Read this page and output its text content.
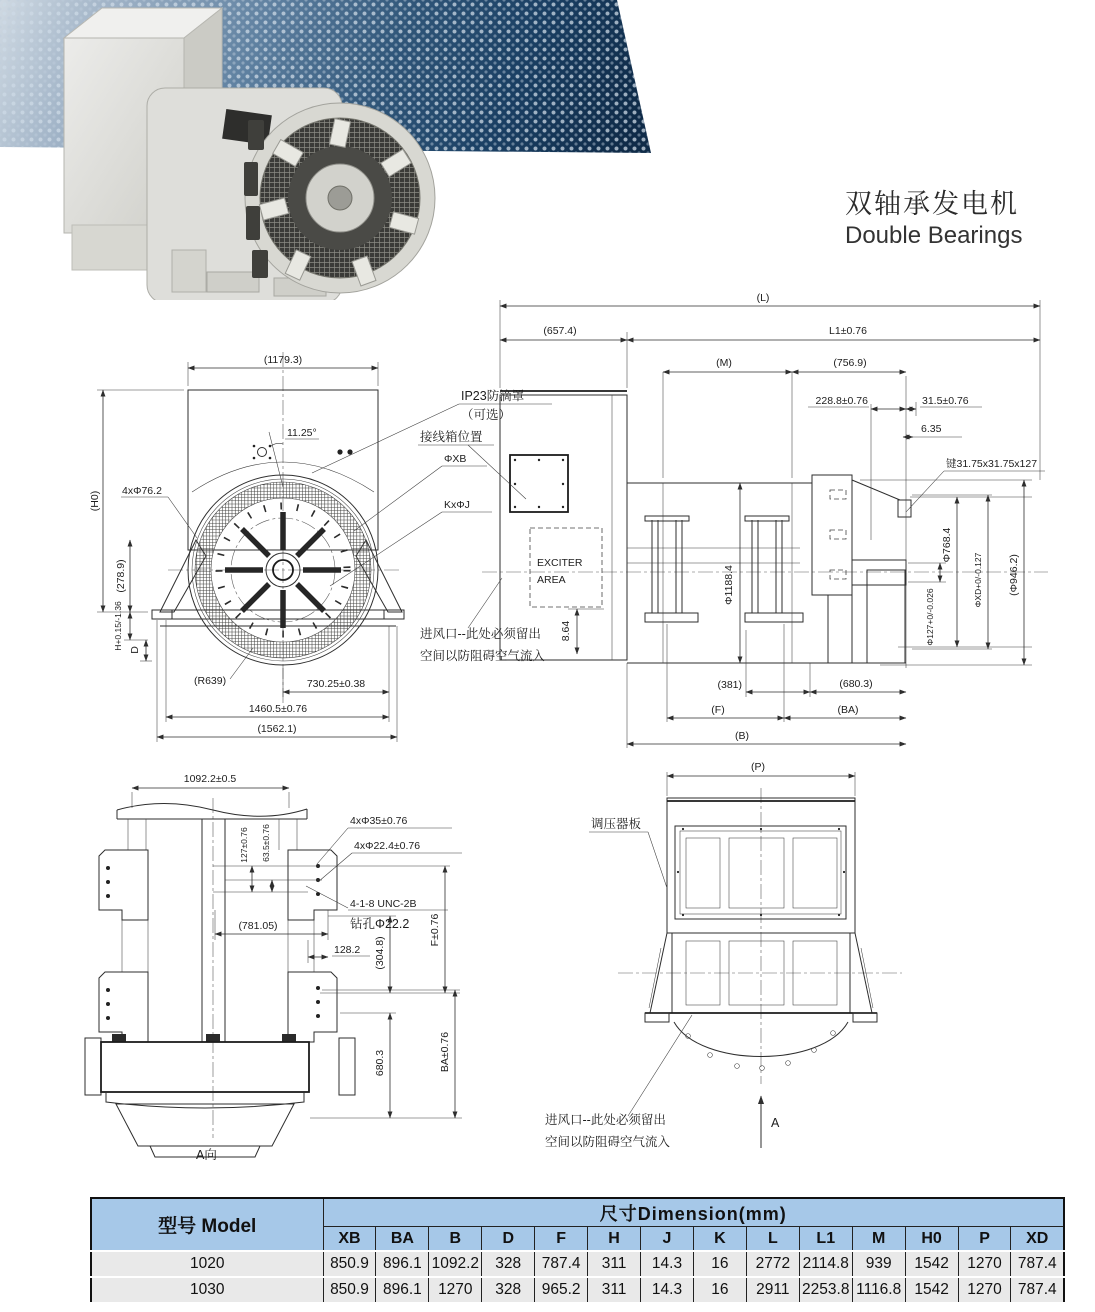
双轴承发电机
Double Bearings
11.25°
(1179.3)
(H0) 4xΦ76.2
(278.9)
H+0.15/-1.36 D
(R639)	730.25±0.38
1460.5±0.76
(1562.1)
IP23防滴罩
（可选）
ΦXB
KxΦJ
EXCITER
AREA
8.64
(L)
(657.4)	L1±0.76
(M)	(756.9)
228.8±0.76	31.5±0.76
6.35
键31.75x31.75x127
Φ127+0/-0.026
Φ768.4
ΦXD+0/-0.127 (Φ946.2)
Φ1188.4
(381)	(680.3)
(F)	(BA)
(B)
接线箱位置
进风口--此处必须留出
空间以防阻碍空气流入
1092.2±0.5
127±0.76 63.5±0.76
4xΦ35±0.76
4xΦ22.4±0.76
4-1-8 UNC-2B
钻孔Φ22.2
(781.05)
128.2 (304.8)
F±0.76
680.3	BA±0.76
A向
(P)
调压器板
A
进风口--此处必须留出
空间以防阻碍空气流入
型号 Model	尺寸Dimension(mm)													
	XB	BA	B	D	F	H	J	K	L	L1	M	H0	P	XD
1020	850.9	896.1	1092.2	328	787.4	311	14.3	16	2772	2114.8	939	1542	1270	787.4
1030	850.9	896.1	1270	328	965.2	311	14.3	16	2911	2253.8	1116.8	1542	1270	787.4
